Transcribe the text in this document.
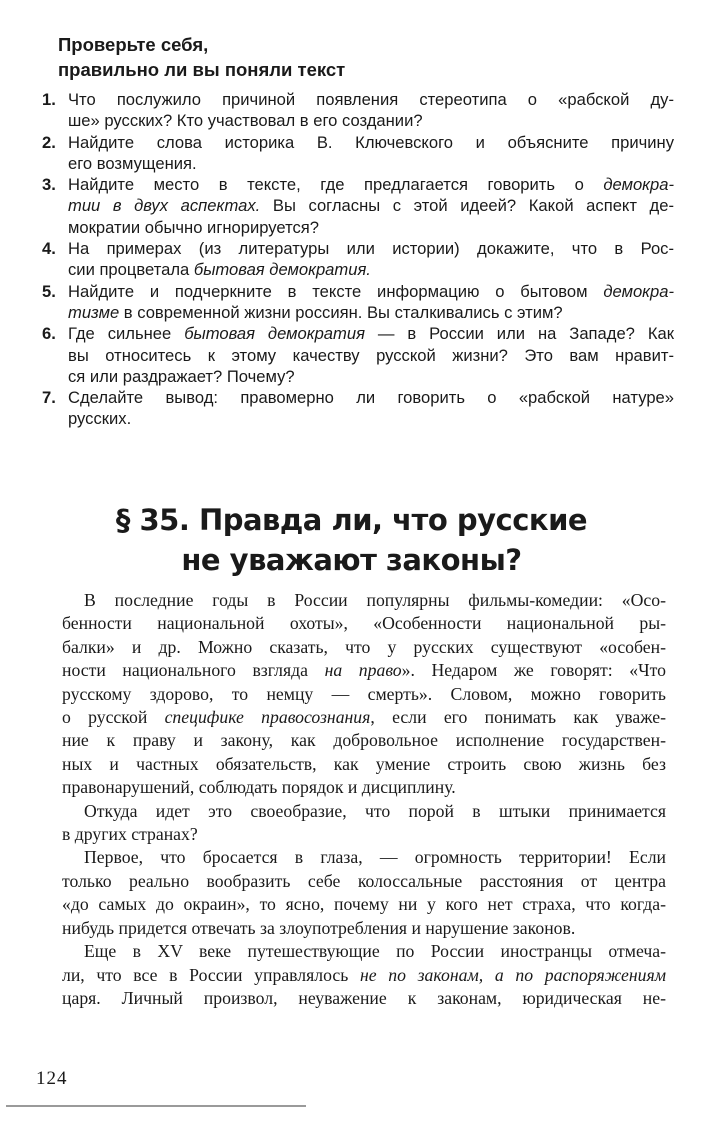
Проверьте себя,
правильно ли вы поняли текст
1. Что послужило причиной появления стереотипа о «рабской ду-
ше» русских? Кто участвовал в его создании?
2. Найдите слова историка В. Ключевского и объясните причину
его возмущения.
3. Найдите место в тексте, где предлагается говорить о демокра-
тии в двух аспектах. Вы согласны с этой идеей? Какой аспект де-
мократии обычно игнорируется?
4. На примерах (из литературы или истории) докажите, что в Рос-
сии процветала бытовая демократия.
5. Найдите и подчеркните в тексте информацию о бытовом демокра-
тизме в современной жизни россиян. Вы сталкивались с этим?
6. Где сильнее бытовая демократия — в России или на Западе? Как
вы относитесь к этому качеству русской жизни? Это вам нравит-
ся или раздражает? Почему?
7. Сделайте вывод: правомерно ли говорить о «рабской натуре»
русских.
§ 35. Правда ли, что русские
не уважают законы?

В последние годы в России популярны фильмы-комедии: «Осо-
бенности национальной охоты», «Особенности национальной ры-
балки» и др. Можно сказать, что у русских существуют «особен-
ности национального взгляда на право». Недаром же говорят: «Что
русскому здорово, то немцу — смерть». Словом, можно говорить
о русской специфике правосознания, если его понимать как уваже-
ние к праву и закону, как добровольное исполнение государствен-
ных и частных обязательств, как умение строить свою жизнь без
правонарушений, соблюдать порядок и дисциплину.

Откуда идет это своеобразие, что порой в штыки принимается
в других странах?

Первое, что бросается в глаза, — огромность территории! Если
только реально вообразить себе колоссальные расстояния от центра
«до самых до окраин», то ясно, почему ни у кого нет страха, что когда-
нибудь придется отвечать за злоупотребления и нарушение законов.

Еще в XV веке путешествующие по России иностранцы отмеча-
ли, что все в России управлялось не по законам, а по распоряжениям
царя. Личный произвол, неуважение к законам, юридическая не-

124
